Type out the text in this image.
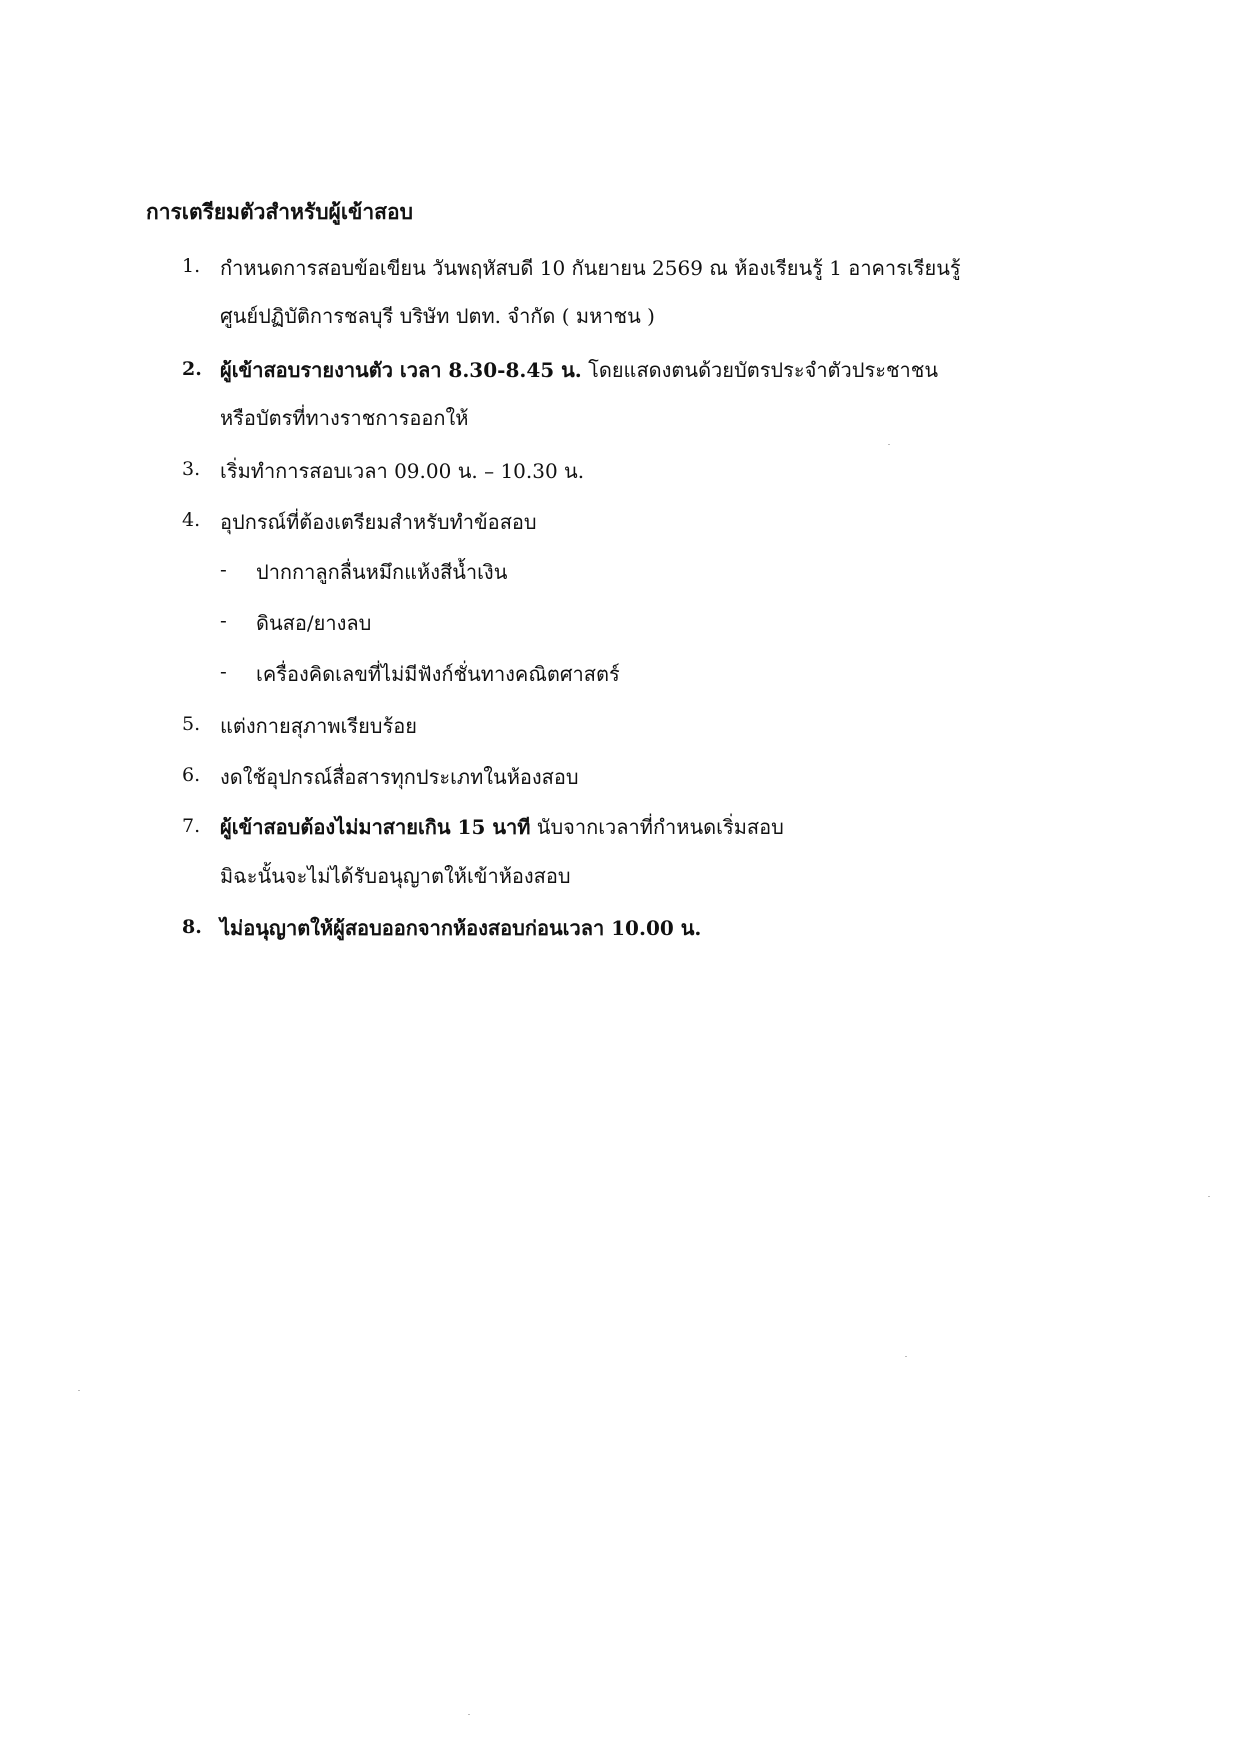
การเตรียมตัวสำหรับผู้เข้าสอบ
1. กำหนดการสอบข้อเขียน วันพฤหัสบดี 10 กันยายน 2569 ณ ห้องเรียนรู้ 1 อาคารเรียนรู้
ศูนย์ปฏิบัติการชลบุรี บริษัท ปตท. จำกัด ( มหาชน )
2. ผู้เข้าสอบรายงานตัว เวลา 8.30-8.45 น. โดยแสดงตนด้วยบัตรประจำตัวประชาชน
หรือบัตรที่ทางราชการออกให้
3. เริ่มทำการสอบเวลา 09.00 น. – 10.30 น.
4. อุปกรณ์ที่ต้องเตรียมสำหรับทำข้อสอบ
- ปากกาลูกลื่นหมึกแห้งสีน้ำเงิน
- ดินสอ/ยางลบ
- เครื่องคิดเลขที่ไม่มีฟังก์ชั่นทางคณิตศาสตร์
5. แต่งกายสุภาพเรียบร้อย
6. งดใช้อุปกรณ์สื่อสารทุกประเภทในห้องสอบ
7. ผู้เข้าสอบต้องไม่มาสายเกิน 15 นาที นับจากเวลาที่กำหนดเริ่มสอบ
มิฉะนั้นจะไม่ได้รับอนุญาตให้เข้าห้องสอบ
8. ไม่อนุญาตให้ผู้สอบออกจากห้องสอบก่อนเวลา 10.00 น.
